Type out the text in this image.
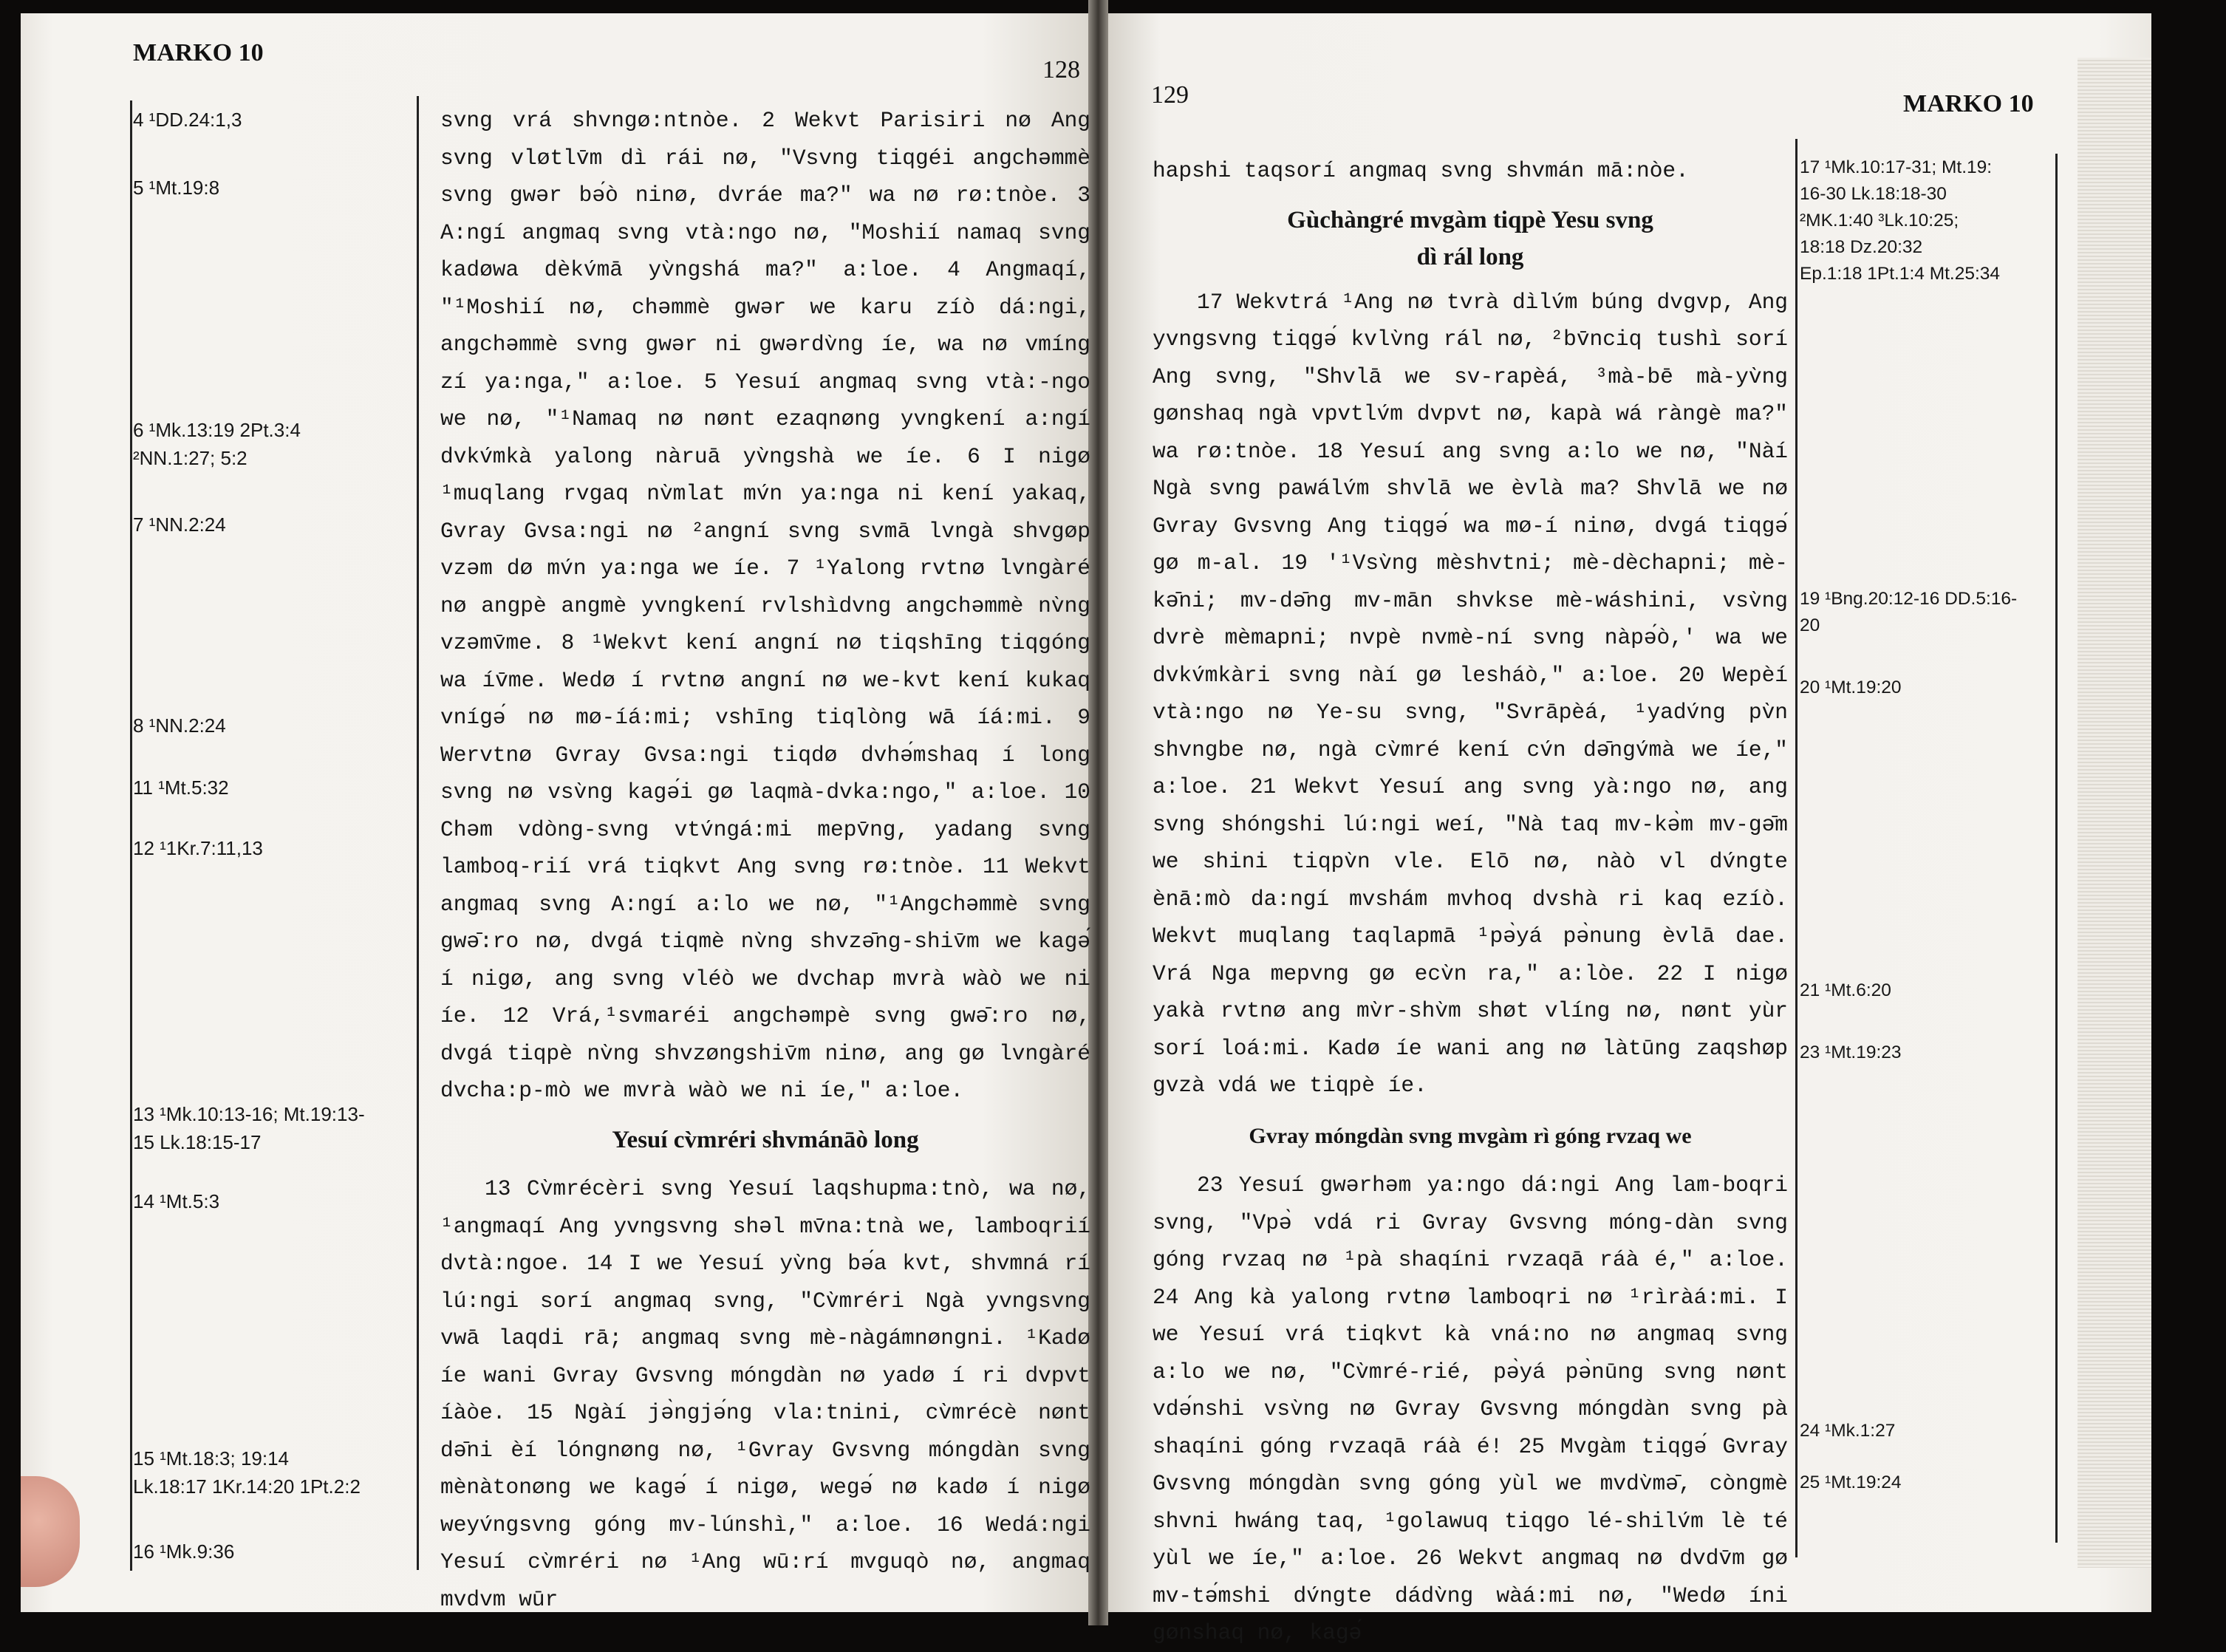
MARKO 10
128
4 ¹DD.24:1,3
5 ¹Mt.19:8
6 ¹Mk.13:19 2Pt.3:4
²NN.1:27; 5:2
7 ¹NN.2:24
8 ¹NN.2:24
11 ¹Mt.5:32
12 ¹1Kr.7:11,13
13 ¹Mk.10:13-16; Mt.19:13-
15 Lk.18:15-17
14 ¹Mt.5:3
15 ¹Mt.18:3; 19:14
Lk.18:17 1Kr.14:20 1Pt.2:2
16 ¹Mk.9:36

svng vrá shvngø:ntnòe. 2 Wekvt Parisiri nø Ang svng vløtlv̄m dì rái nø, "Vsvng tiqgéi angchəmmè svng gwər bə́ò ninø, dvráe ma?" wa nø rø:tnòe. 3 A:ngí angmaq svng vtà:ngo nø, "Moshií namaq svng kadøwa dèkv́mā yv̀ngshá ma?" a:loe. 4 Angmaqí, "¹Moshií nø, chəmmè gwər we karu zíò dá:ngi, angchəmmè svng gwər ni gwərdv̀ng íe, wa nø vmíng zí ya:nga," a:loe. 5 Yesuí angmaq svng vtà:-ngo we nø, "¹Namaq nø nønt ezaqnøng yvngkení a:ngí dvkv́mkà yalong nàruā yv̀ngshà we íe. 6 I nigø ¹muqlang rvgaq nv̀mlat mv́n ya:nga ni kení yakaq, Gvray Gvsa:ngi nø ²angní svng svmā lvngà shvgøp vzəm dø mv́n ya:nga we íe. 7 ¹Yalong rvtnø lvngàré nø angpè angmè yvngkení rvlshìdvng angchəmmè nv̀ng vzəmv̄me. 8 ¹Wekvt kení angní nø tiqshīng tiqgóng wa ív̄me. Wedø í rvtnø angní nø we-kvt kení kukaq vnígə́ nø mø-íá:mi; vshīng tiqlòng wā íá:mi. 9 Wervtnø Gvray Gvsa:ngi tiqdø dvhə́mshaq í long svng nø vsv̀ng kagə́i gø laqmà-dvka:ngo," a:loe. 10 Chəm vdòng-svng vtv́ngá:mi mepv̄ng, yadang svng lamboq-rií vrá tiqkvt Ang svng rø:tnòe. 11 Wekvt angmaq svng A:ngí a:lo we nø, "¹Angchəmmè svng gwə̄:ro nø, dvgá tiqmè nv̀ng shvzə̄ng-shiv̄m we kagə́ í nigø, ang svng vléò we dvchap mvrà wàò we ni íe. 12 Vrá,¹svmaréi angchəmpè svng gwə̄:ro nø, dvgá tiqpè nv̀ng shvzøngshiv̄m ninø, ang gø lvngàré dvcha:p-mò we mvrà wàò we ni íe," a:loe.

Yesuí cv̀mréri shvmánāò long

13 Cv̀mrécèri svng Yesuí laqshupma:tnò, wa nø, ¹angmaqí Ang yvngsvng shəl mv̄na:tnà we, lamboqrií dvtà:ngoe. 14 I we Yesuí yv̀ng bə́a kvt, shvmná rí lú:ngi sorí angmaq svng, "Cv̀mréri Ngà yvngsvng vwā laqdi rā; angmaq svng mè-nàgámnøngni. ¹Kadø íe wani Gvray Gvsvng móngdàn nø yadø í ri dvpvt íàòe. 15 Ngàí jə̀ngjə́ng vla:tnini, cv̀mrécè nønt də̄ni èí lóngnøng nø, ¹Gvray Gvsvng móngdàn svng mènàtonøng we kagə́ í nigø, wegə́ nø kadø í nigø weyv́ngsvng góng mv-lúnshì," a:loe. 16 Wedá:ngi Yesuí cv̀mréri nø ¹Ang wū:rí mvguqò nø, angmaq mvdvm wūr

129	MARKO 10

hapshi taqsorí angmaq svng shvmán mā:nòe.

Gùchàngré mvgàm tiqpè Yesu svng

dì rál long

17 Wekvtrá ¹Ang nø tvrà dìlv́m búng dvgvp, Ang yvngsvng tiqgə́ kvlv̀ng rál nø, ²bv̄nciq tushì sorí Ang svng, "Shvlā we sv-rapèá, ³mà-bē mà-yv̀ng gønshaq ngà vpvtlv́m dvpvt nø, kapà wá ràngè ma?" wa rø:tnòe. 18 Yesuí ang svng a:lo we nø, "Nàí Ngà svng pawálv́m shvlā we èvlà ma? Shvlā we nø Gvray Gvsvng Ang tiqgə́ wa mø-í ninø, dvgá tiqgə́ gø m-al. 19 '¹Vsv̀ng mèshvtni; mè-dèchapni; mè-kə̄ni; mv-də̄ng mv-mān shvkse mè-wáshini, vsv̀ng dvrè mèmapni; nvpè nvmè-ní svng nàpə́ò,' wa we dvkv́mkàri svng nàí gø lesháò," a:loe. 20 Wepèí vtà:ngo nø Ye-su svng, "Svrāpèá, ¹yadv́ng pv̀n shvngbe nø, ngà cv̀mré kení cv́n də̄ngv́mà we íe," a:loe. 21 Wekvt Yesuí ang svng yà:ngo nø, ang svng shóngshi lú:ngi weí, "Nà taq mv-kə̀m mv-gə̄m we shini tiqpv̀n vle. Elō nø, nàò vl dv́ngte ènā:mò da:ngí mvshám mvhoq dvshà ri kaq ezíò. Wekvt muqlang taqlapmā ¹pə̀yá pə̀nung èvlā dae. Vrá Nga mepvng gø ecv̀n ra," a:lòe. 22 I nigø yakà rvtnø ang mv̀r-shv̀m shøt vlíng nø, nønt yùr sorí loá:mi. Kadø íe wani ang nø làtūng zaqshøp gvzà vdá we tiqpè íe.

Gvray móngdàn svng mvgàm rì góng rvzaq we

23 Yesuí gwərhəm ya:ngo dá:ngi Ang lam-boqri svng, "Vpə̀ vdá ri Gvray Gvsvng móng-dàn svng góng rvzaq nø ¹pà shaqíni rvzaqā ráà é," a:loe. 24 Ang kà yalong rvtnø lamboqri nø ¹rìràá:mi. I we Yesuí vrá tiqkvt kà vná:no nø angmaq svng a:lo we nø, "Cv̀mré-rié, pə̀yá pə̀nūng svng nønt vdə́nshi vsv̀ng nø Gvray Gvsvng móngdàn svng pà shaqíni góng rvzaqā ráà é! 25 Mvgàm tiqgə́ Gvray Gvsvng móngdàn svng góng yùl we mvdv̀mə̄, còngmè shvni hwáng taq, ¹golawuq tiqgo lé-shilv́m lè té yùl we íe," a:loe. 26 Wekvt angmaq nø dvdv̄m gø mv-tə́mshi dv́ngte dádv̀ng wàá:mi nø, "Wedø íni gønshaq nø, kagə́

17 ¹Mk.10:17-31; Mt.19:
16-30 Lk.18:18-30
²MK.1:40 ³Lk.10:25;
18:18 Dz.20:32
Ep.1:18 1Pt.1:4 Mt.25:34
19 ¹Bng.20:12-16 DD.5:16-
20
20 ¹Mt.19:20
21 ¹Mt.6:20
23 ¹Mt.19:23
24 ¹Mk.1:27
25 ¹Mt.19:24
